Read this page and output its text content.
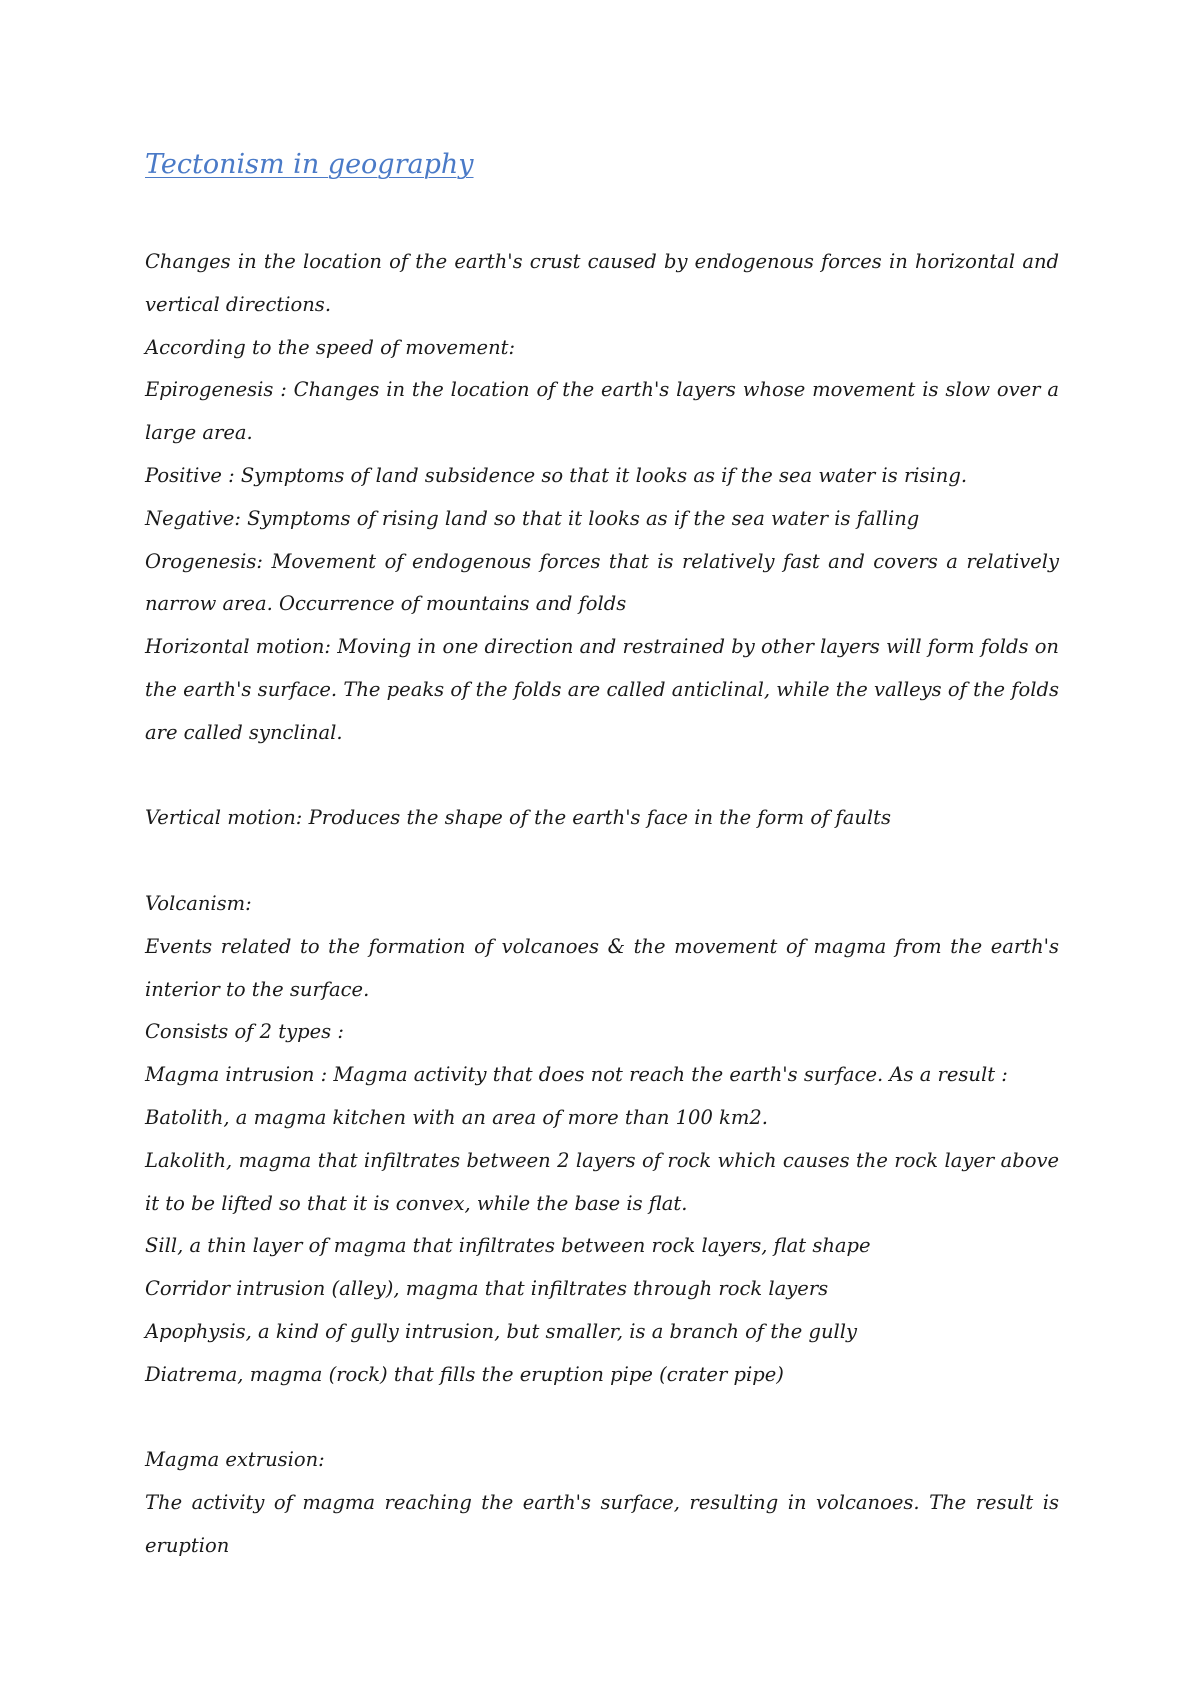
Tectonism in geography

Changes in the location of the earth's crust caused by endogenous forces in horizontal and vertical directions.

According to the speed of movement:

Epirogenesis : Changes in the location of the earth's layers whose movement is slow over a large area.

Positive : Symptoms of land subsidence so that it looks as if the sea water is rising.

Negative: Symptoms of rising land so that it looks as if the sea water is falling

Orogenesis: Movement of endogenous forces that is relatively fast and covers a relatively narrow area. Occurrence of mountains and folds

Horizontal motion: Moving in one direction and restrained by other layers will form folds on the earth's surface. The peaks of the folds are called anticlinal, while the valleys of the folds are called synclinal.

Vertical motion: Produces the shape of the earth's face in the form of faults

Volcanism:

Events related to the formation of volcanoes & the movement of magma from the earth's interior to the surface.

Consists of 2 types :

Magma intrusion : Magma activity that does not reach the earth's surface. As a result :

Batolith, a magma kitchen with an area of more than 100 km2.

Lakolith, magma that infiltrates between 2 layers of rock which causes the rock layer above it to be lifted so that it is convex, while the base is flat.

Sill, a thin layer of magma that infiltrates between rock layers, flat shape

Corridor intrusion (alley), magma that infiltrates through rock layers

Apophysis, a kind of gully intrusion, but smaller, is a branch of the gully

Diatrema, magma (rock) that fills the eruption pipe (crater pipe)

Magma extrusion:

The activity of magma reaching the earth's surface, resulting in volcanoes. The result is eruption
